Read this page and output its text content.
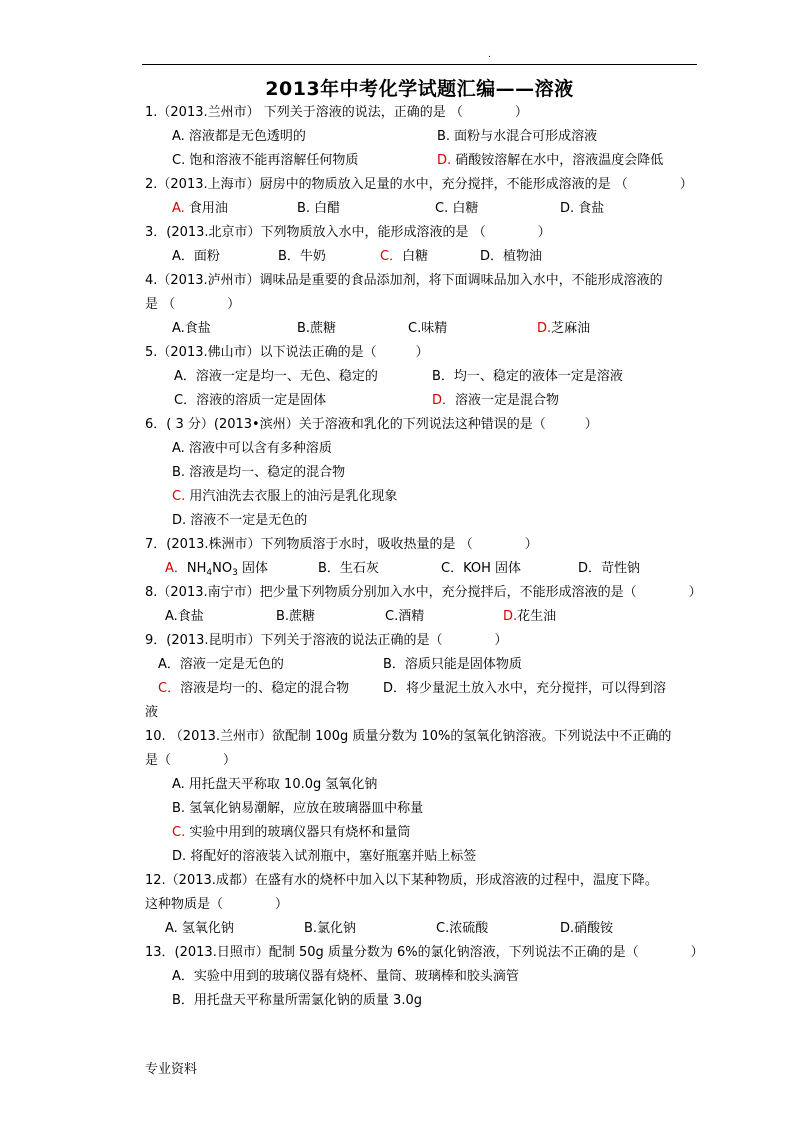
.
2013年中考化学试题汇编——溶液
1.（2013.兰州市） 下列关于溶液的说法，正确的是 （　　　　）
A. 溶液都是无色透明的	B. 面粉与水混合可形成溶液
C. 饱和溶液不能再溶解任何物质	D. 硝酸铵溶解在水中，溶液温度会降低
2.（2013.上海市）厨房中的物质放入足量的水中，充分搅拌，不能形成溶液的是 （　　　　）
A. 食用油	B. 白醋	C. 白糖	D. 食盐
3．(2013.北京市）下列物质放入水中，能形成溶液的是 （　　　　）
A．面粉	B．牛奶	C．白糖	D．植物油
4.（2013.泸州市）调味品是重要的食品添加剂，将下面调味品加入水中，不能形成溶液的
是 （　　　　）
A.食盐	B.蔗糖	C.味精	D.芝麻油
5.（2013.佛山市）以下说法正确的是（　　　）
A．溶液一定是均一、无色、稳定的	B．均一、稳定的液体一定是溶液
C．溶液的溶质一定是固体	D．溶液一定是混合物
6．( 3 分）(2013•滨州）关于溶液和乳化的下列说法这种错误的是（　　　）
A. 溶液中可以含有多种溶质
B. 溶液是均一、稳定的混合物
C. 用汽油洗去衣服上的油污是乳化现象
D. 溶液不一定是无色的
7．(2013.株洲市）下列物质溶于水时，吸收热量的是 （　　　　）
A．$NH_4NO_3$ 固体	B．生石灰	C．KOH 固体	D．苛性钠
8.（2013.南宁市）把少量下列物质分别加入水中，充分搅拌后，不能形成溶液的是（　　　　）
A.食盐	B.蔗糖	C.酒精	D.花生油
9．(2013.昆明市）下列关于溶液的说法正确的是（　　　　）
A．溶液一定是无色的	B．溶质只能是固体物质
C．溶液是均一的、稳定的混合物	D．将少量泥土放入水中，充分搅拌，可以得到溶
液
10. （2013.兰州市）欲配制 100g 质量分数为 10%的氢氧化钠溶液。下列说法中不正确的
是（　　　　）
A. 用托盘天平称取 10.0g 氢氧化钠
B. 氢氧化钠易潮解，应放在玻璃器皿中称量
C. 实验中用到的玻璃仪器只有烧杯和量筒
D. 将配好的溶液装入试剂瓶中，塞好瓶塞并贴上标签
12.（2013.成都）在盛有水的烧杯中加入以下某种物质，形成溶液的过程中，温度下降。
这种物质是（　　　　）
A. 氢氧化钠	B.氯化钠	C.浓硫酸	D.硝酸铵
13．(2013.日照市）配制 50g 质量分数为 6%的氯化钠溶液，下列说法不正确的是（　　　　）
A．实验中用到的玻璃仪器有烧杯、量筒、玻璃棒和胶头滴管
B．用托盘天平称量所需氯化钠的质量 3.0g
专业资料
